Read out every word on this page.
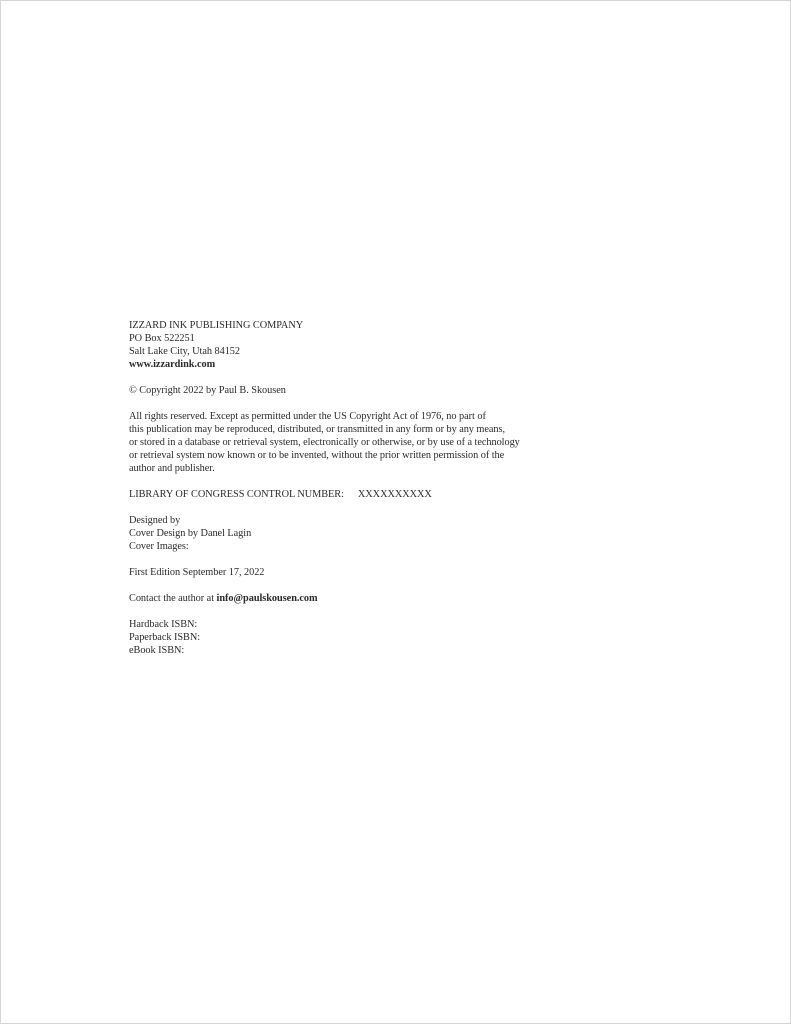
IZZARD INK PUBLISHING COMPANY
PO Box 522251
Salt Lake City, Utah 84152
www.izzardink.com
© Copyright 2022 by Paul B. Skousen
All rights reserved. Except as permitted under the US Copyright Act of 1976, no part of
this publication may be reproduced, distributed, or transmitted in any form or by any means,
or stored in a database or retrieval system, electronically or otherwise, or by use of a technology
or retrieval system now known or to be invented, without the prior written permission of the
author and publisher.
LIBRARY OF CONGRESS CONTROL NUMBER: XXXXXXXXXX
Designed by
Cover Design by Danel Lagin
Cover Images:
First Edition September 17, 2022
Contact the author at info@paulskousen.com
Hardback ISBN:
Paperback ISBN:
eBook ISBN:
